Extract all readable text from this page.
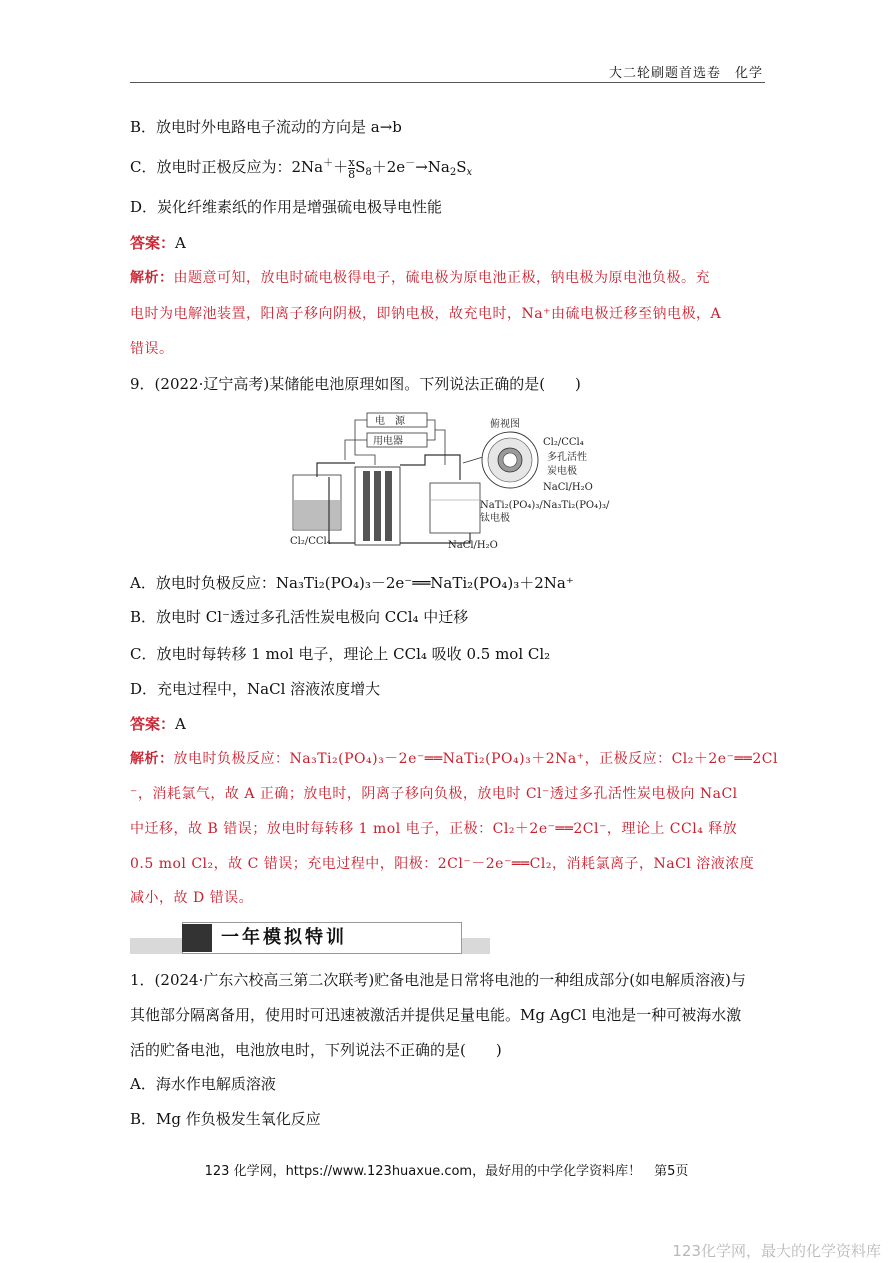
大二轮刷题首选卷　化学
B．放电时外电路电子流动的方向是 a→b
C．放电时正极反应为：$2Na^++ \frac{x}{8} S_8+2e^-\to Na_2S_x$
D．炭化纤维素纸的作用是增强硫电极导电性能
答案：A
解析：由题意可知，放电时硫电极得电子，硫电极为原电池正极，钠电极为原电池负极。充
电时为电解池装置，阳离子移向阴极，即钠电极，故充电时，Na⁺由硫电极迁移至钠电极，A
错误。
9．(2022·辽宁高考)某储能电池原理如图。下列说法正确的是(　　)
电　源
用电器
Cl₂/CCl₄	NaCl/H₂O
俯视图
Cl₂/CCl₄
多孔活性
炭电极
NaCl/H₂O
NaTi₂(PO₄)₃/Na₃Ti₂(PO₄)₃/
钛电极
A．放电时负极反应：Na₃Ti₂(PO₄)₃－2e⁻══NaTi₂(PO₄)₃＋2Na⁺
B．放电时 Cl⁻透过多孔活性炭电极向 CCl₄ 中迁移
C．放电时每转移 1 mol 电子，理论上 CCl₄ 吸收 0.5 mol Cl₂
D．充电过程中，NaCl 溶液浓度增大
答案：A
解析：放电时负极反应：Na₃Ti₂(PO₄)₃－2e⁻══NaTi₂(PO₄)₃＋2Na⁺，正极反应：Cl₂＋2e⁻══2Cl
⁻，消耗氯气，故 A 正确；放电时，阴离子移向负极，放电时 Cl⁻透过多孔活性炭电极向 NaCl
中迁移，故 B 错误；放电时每转移 1 mol 电子，正极：Cl₂＋2e⁻══2Cl⁻，理论上 CCl₄ 释放
0.5 mol Cl₂，故 C 错误；充电过程中，阳极：2Cl⁻－2e⁻══Cl₂，消耗氯离子，NaCl 溶液浓度
减小，故 D 错误。
一年模拟特训
1．(2024·广东六校高三第二次联考)贮备电池是日常将电池的一种组成部分(如电解质溶液)与
其他部分隔离备用，使用时可迅速被激活并提供足量电能。Mg AgCl 电池是一种可被海水激
活的贮备电池，电池放电时，下列说法不正确的是(　　)
A．海水作电解质溶液
B．Mg 作负极发生氧化反应
123 化学网，https://www.123huaxue.com，最好用的中学化学资料库！　第5页
123化学网，最大的化学资料库
